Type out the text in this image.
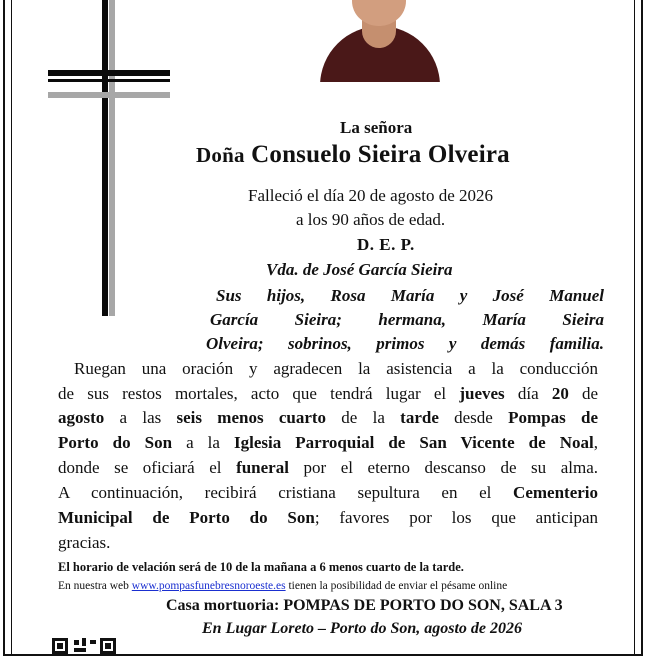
La señora
Doña Consuelo Sieira Olveira
Falleció el día 20 de agosto de 2026
a los 90 años de edad.
D. E. P.
Vda. de José García Sieira
Sus hijos, Rosa María y José Manuel
García Sieira; hermana, María Sieira
Olveira; sobrinos, primos y demás familia.
Ruegan una oración y agradecen la asistencia a la conducción
de sus restos mortales, acto que tendrá lugar el jueves día 20 de
agosto a las seis menos cuarto de la tarde desde Pompas de
Porto do Son a la Iglesia Parroquial de San Vicente de Noal,
donde se oficiará el funeral por el eterno descanso de su alma.
A continuación, recibirá cristiana sepultura en el Cementerio
Municipal de Porto do Son; favores por los que anticipan
gracias.
El horario de velación será de 10 de la mañana a 6 menos cuarto de la tarde.
En nuestra web www.pompasfunebresnoroeste.es tienen la posibilidad de enviar el pésame online
Casa mortuoria: POMPAS DE PORTO DO SON, SALA 3
En Lugar Loreto – Porto do Son, agosto de 2026
